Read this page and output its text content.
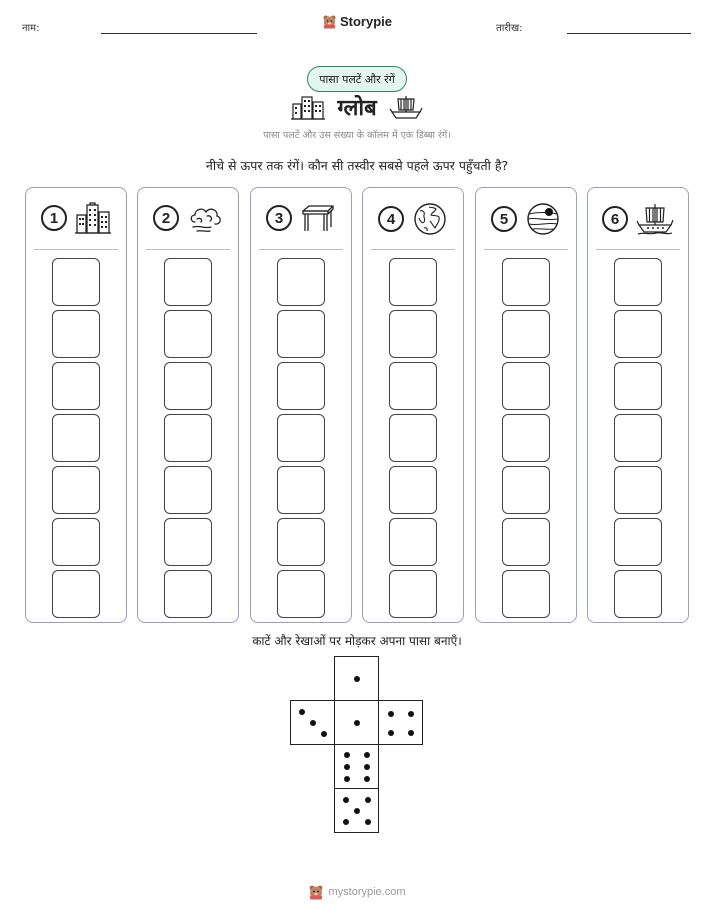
नाम:	Storypie	तारीख:
पासा पलटें और रंगें
ग्लोब
पासा पलटें और उस संख्या के कॉलम में एक डिब्बा रंगें।
नीचे से ऊपर तक रंगें। कौन सी तस्वीर सबसे पहले ऊपर पहुँचती है?
1	2	3	4	5	6
काटें और रेखाओं पर मोड़कर अपना पासा बनाएँ।
mystorypie.com
